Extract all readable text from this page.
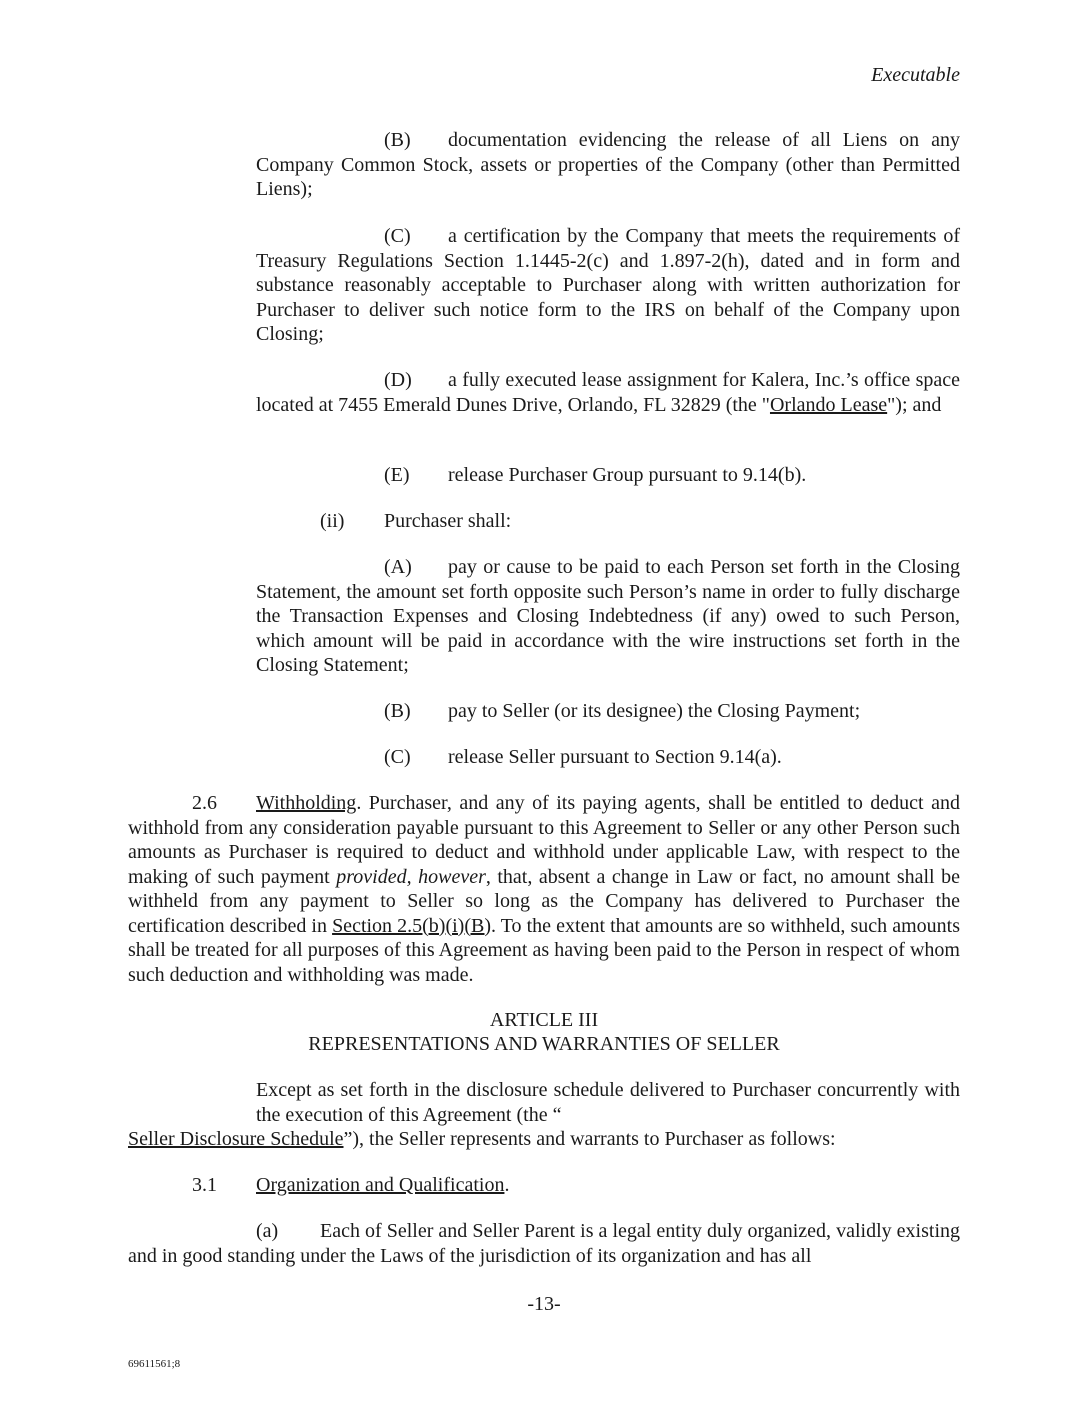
Executable

(B) documentation evidencing the release of all Liens on any Company Common Stock, assets or properties of the Company (other than Permitted Liens);

(C) a certification by the Company that meets the requirements of Treasury Regulations Section 1.1445-2(c) and 1.897-2(h), dated and in form and substance reasonably acceptable to Purchaser along with written authorization for Purchaser to deliver such notice form to the IRS on behalf of the Company upon Closing;

(D) a fully executed lease assignment for Kalera, Inc.’s office space located at 7455 Emerald Dunes Drive, Orlando, FL 32829 (the "Orlando Lease"); and

(E) release Purchaser Group pursuant to 9.14(b).

(ii) Purchaser shall:

(A) pay or cause to be paid to each Person set forth in the Closing Statement, the amount set forth opposite such Person’s name in order to fully discharge the Transaction Expenses and Closing Indebtedness (if any) owed to such Person, which amount will be paid in accordance with the wire instructions set forth in the Closing Statement;

(B) pay to Seller (or its designee) the Closing Payment;

(C) release Seller pursuant to Section 9.14(a).

2.6 Withholding. Purchaser, and any of its paying agents, shall be entitled to deduct and withhold from any consideration payable pursuant to this Agreement to Seller or any other Person such amounts as Purchaser is required to deduct and withhold under applicable Law, with respect to the making of such payment provided, however, that, absent a change in Law or fact, no amount shall be withheld from any payment to Seller so long as the Company has delivered to Purchaser the certification described in Section 2.5(b)(i)(B). To the extent that amounts are so withheld, such amounts shall be treated for all purposes of this Agreement as having been paid to the Person in respect of whom such deduction and withholding was made.

ARTICLE III
REPRESENTATIONS AND WARRANTIES OF SELLER

Except as set forth in the disclosure schedule delivered to Purchaser concurrently with the execution of this Agreement (the “Seller Disclosure Schedule”), the Seller represents and warrants to Purchaser as follows:

3.1 Organization and Qualification.

(a) Each of Seller and Seller Parent is a legal entity duly organized, validly existing and in good standing under the Laws of the jurisdiction of its organization and has all

-13-
69611561;8
